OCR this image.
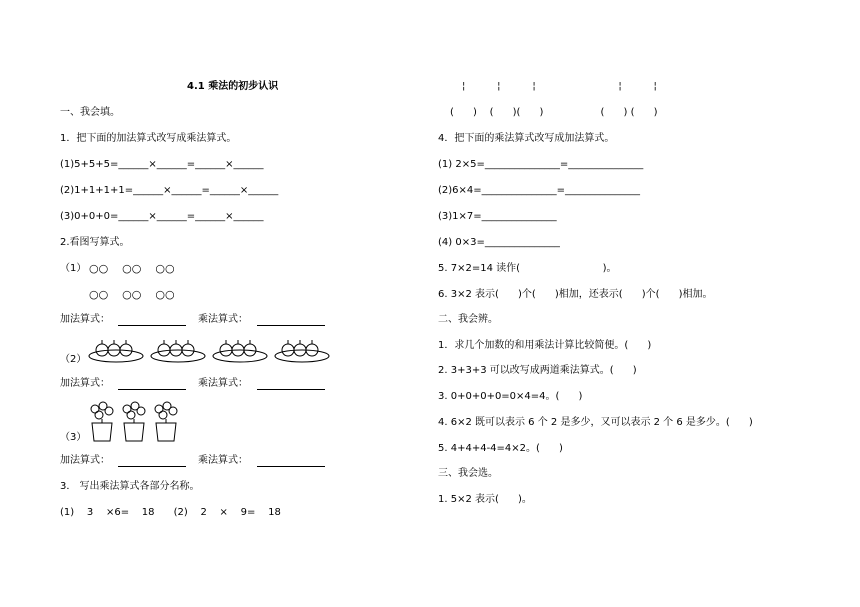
4.1 乘法的初步认识
一、我会填。
1．把下面的加法算式改写成乘法算式。
(1)5+5+5=______×______=______×______
(2)1+1+1+1=______×______=______×______
(3)0+0+0=______×______=______×______
2.看图写算式。
（1） ○○    ○○    ○○
○○    ○○    ○○
加法算式：	乘法算式：
（2）
加法算式：	乘法算式：
（3）
加法算式：	乘法算式：
3． 写出乘法算式各部分名称。
(1)    3    ×6=    18      (2)    2    ×    9=    18
¦          ¦          ¦                          ¦          ¦
(      )    (      )(      )                  (      ) (      )
4．把下面的乘法算式改写成加法算式。
(1) 2×5=_______________=_______________
(2)6×4=_______________=_______________
(3)1×7=_______________
(4) 0×3=_______________
5. 7×2=14 读作(                          )。
6. 3×2 表示(      )个(      )相加，还表示(      )个(      )相加。
二、我会辨。
1．求几个加数的和用乘法计算比较简便。(      )
2. 3+3+3 可以改写成两道乘法算式。(      )
3. 0+0+0+0=0×4=4。(      )
4. 6×2 既可以表示 6 个 2 是多少，又可以表示 2 个 6 是多少。(      )
5. 4+4+4-4=4×2。(      )
三、我会选。
1. 5×2 表示(      )。
